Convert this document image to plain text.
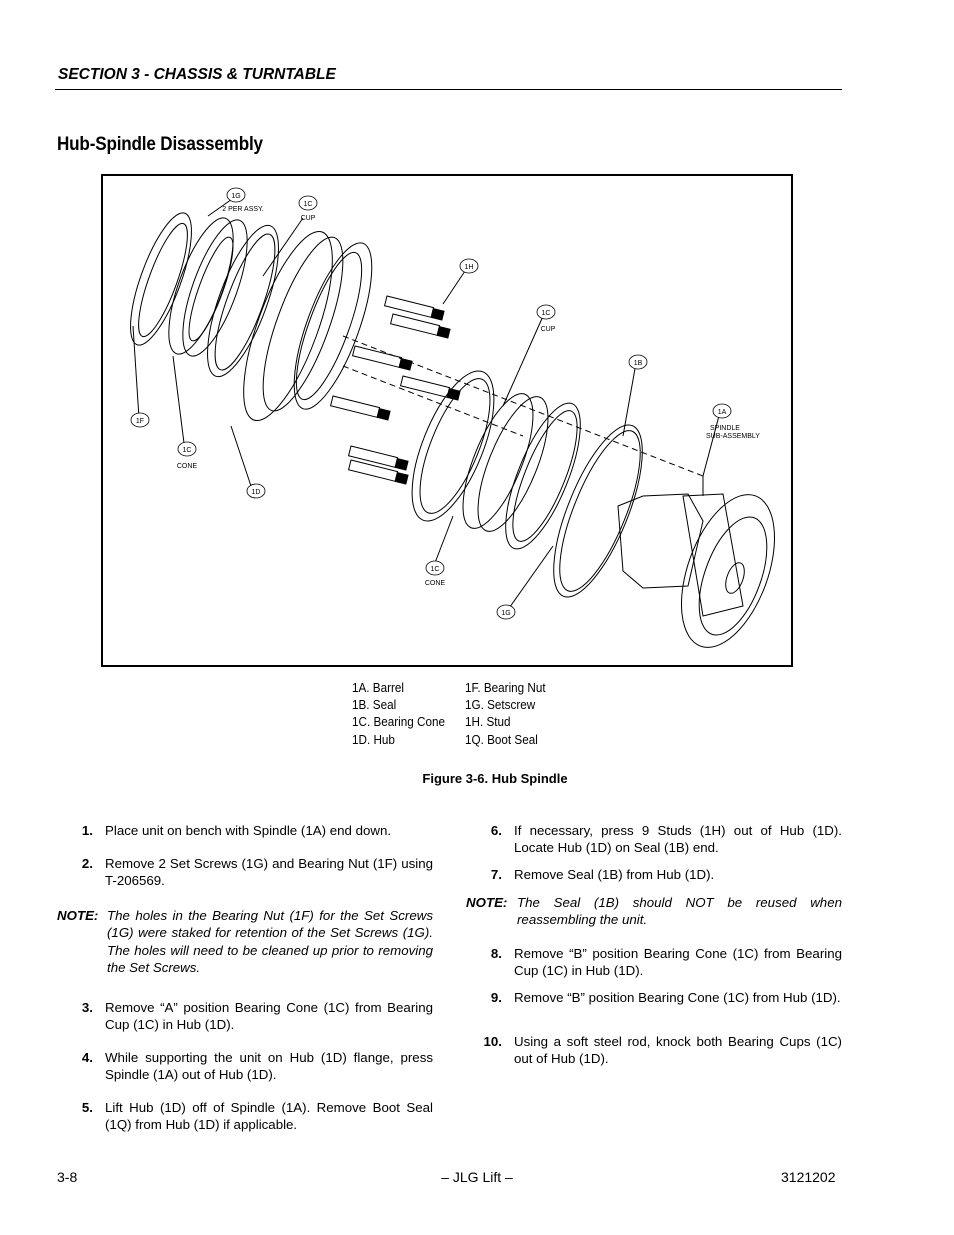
SECTION 3 - CHASSIS & TURNTABLE
Hub-Spindle Disassembly
1G
2 PER ASSY.
1C
CUP
1H
1C
CUP
1B
1A
SPINDLE
SUB-ASSEMBLY
1F
1C
CONE
1D
1C
CONE
1G
1A. Barrel
1B. Seal
1C. Bearing Cone
1D. Hub
1F. Bearing Nut
1G. Setscrew
1H. Stud
1Q. Boot Seal
Figure 3-6. Hub Spindle
1. Place unit on bench with Spindle (1A) end down.
2. Remove 2 Set Screws (1G) and Bearing Nut (1F) using T-206569.
NOTE: The holes in the Bearing Nut (1F) for the Set Screws (1G) were staked for retention of the Set Screws (1G). The holes will need to be cleaned up prior to removing the Set Screws.
3. Remove “A” position Bearing Cone (1C) from Bearing Cup (1C) in Hub (1D).
4. While supporting the unit on Hub (1D) flange, press Spindle (1A) out of Hub (1D).
5. Lift Hub (1D) off of Spindle (1A). Remove Boot Seal (1Q) from Hub (1D) if applicable.
6. If necessary, press 9 Studs (1H) out of Hub (1D). Locate Hub (1D) on Seal (1B) end.
7. Remove Seal (1B) from Hub (1D).
NOTE: The Seal (1B) should NOT be reused when reassembling the unit.
8. Remove “B” position Bearing Cone (1C) from Bearing Cup (1C) in Hub (1D).
9. Remove “B” position Bearing Cone (1C) from Hub (1D).
10. Using a soft steel rod, knock both Bearing Cups (1C) out of Hub (1D).
3-8	– JLG Lift –	3121202
